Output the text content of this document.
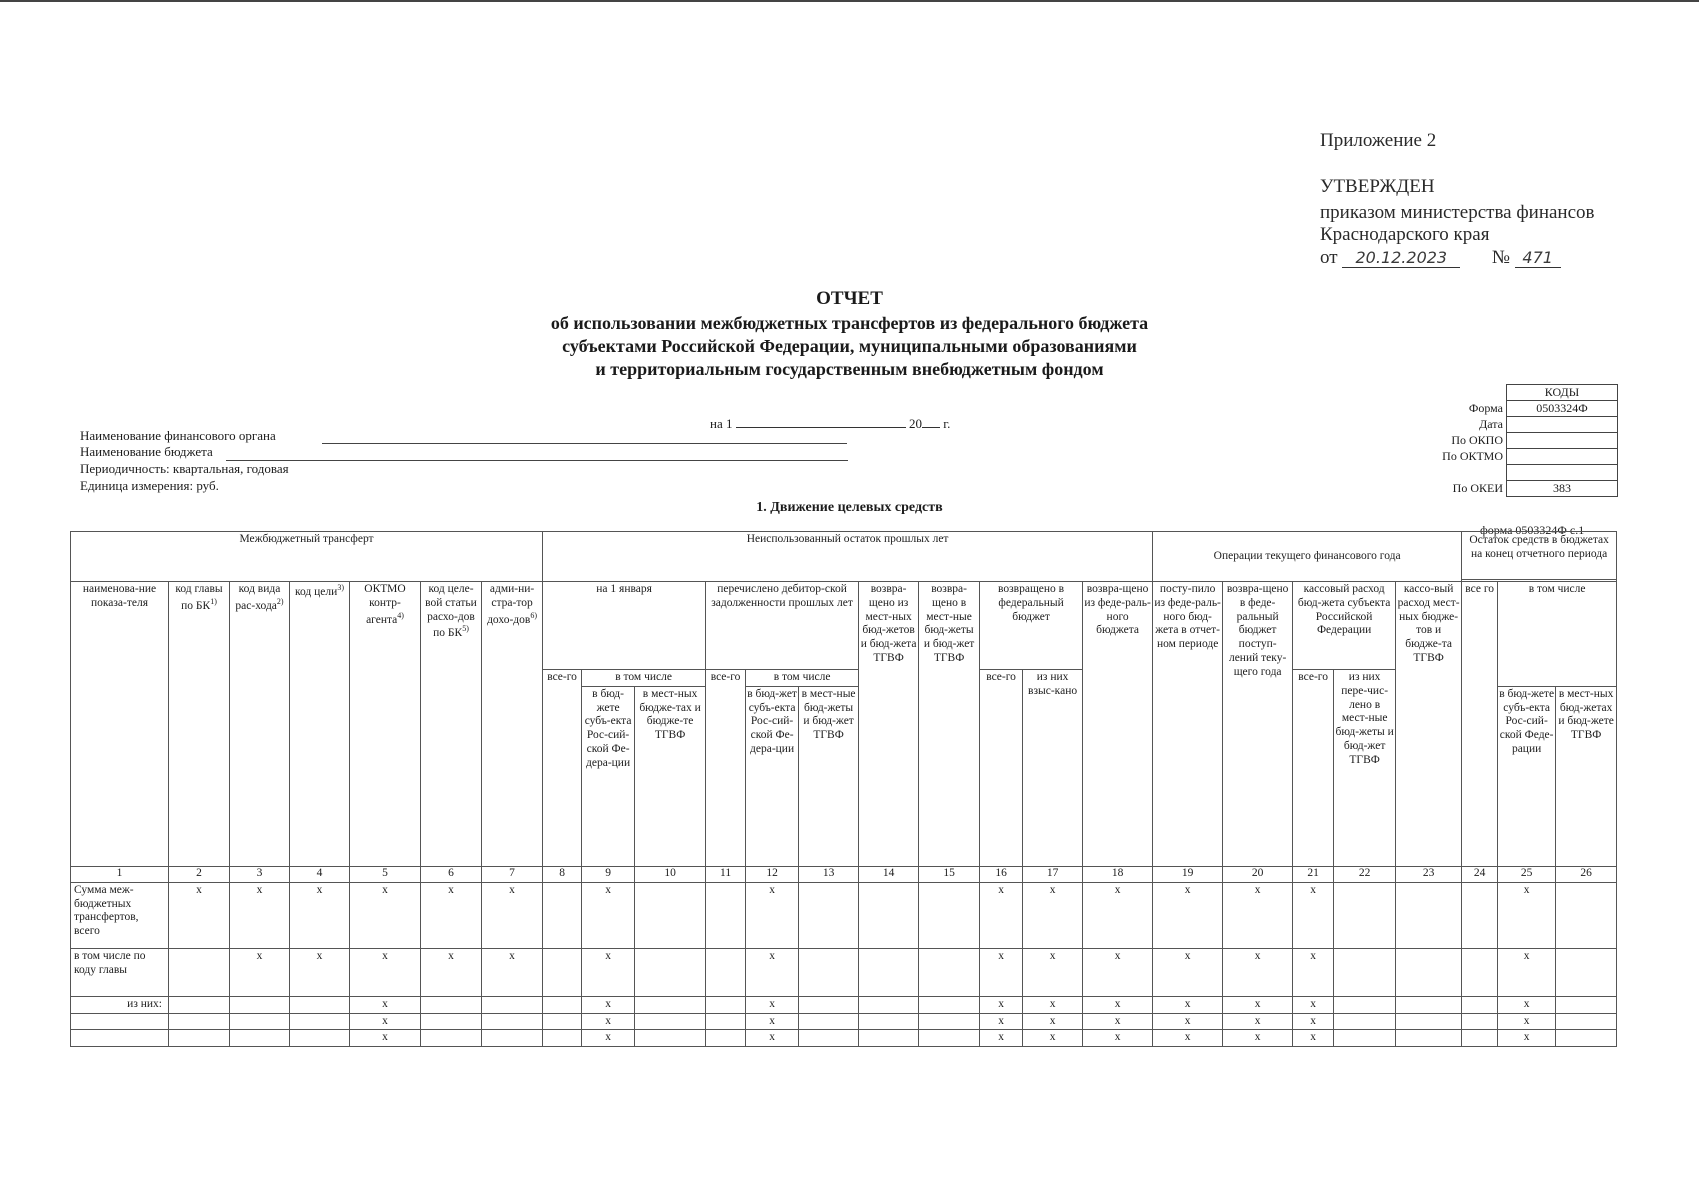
Приложение 2
УТВЕРЖДЕН
приказом министерства финансов
Краснодарского края
от 20.12.2023 № 471
ОТЧЕТ
об использовании межбюджетных трансфертов из федерального бюджета
субъектами Российской Федерации, муниципальными образованиями
и территориальным государственным внебюджетным фондом
на 1	20 г.
Наименование финансового органа
Наименование бюджета
Периодичность: квартальная, годовая
Единица измерения: руб.
	КОДЫ
Форма	0503324Ф
Дата	
По ОКПО	
По ОКТМО	

По ОКЕИ	383
1. Движение целевых средств
форма 0503324Ф с.1
Межбюджетный трансферт							Неиспользованный остаток прошлых лет											Операции текущего финансового года					Остаток средств в бюджетах на конец отчетного периода		

наименова-ние показа-теля	код главы по БК$^{1)}$	код вида рас-хода$^{2)}$	код цели$^{3)}$	ОКТМО контр-агента$^{4)}$	код целе-вой статьи расхо-дов по БК$^{5)}$	адми-ни-стра-тор дохо-дов$^{6)}$	на 1 января			перечислено дебитор-ской задолженности прошлых лет			возвра-щено из мест-ных бюд-жетов и бюд-жета ТГВФ	возвра-щено в мест-ные бюд-жеты и бюд-жет ТГВФ	возвращено в федеральный бюджет		возвра-щено из феде-раль-ного бюджета	посту-пило из феде-раль-ного бюд-жета в отчет-ном периоде	возвра-щено в феде-ральный бюджет поступ-лений теку-щего года	кассовый расход бюд-жета субъекта Российской Федерации		кассо-вый расход мест-ных бюдже-тов и бюдже-та ТГВФ	все го	в том числе	
							все-го	в том числе		все-го	в том числе				все-го	из них взыс-кано				все-го	из них пере-чис-лено в мест-ные бюд-жеты и бюд-жет ТГВФ				
								в бюд-жете субъ-екта Рос-сий-ской Фе-дера-ции	в мест-ных бюдже-тах и бюдже-те ТГВФ		в бюд-жет субъ-екта Рос-сий-ской Фе-дера-ции	в мест-ные бюд-жеты и бюд-жет ТГВФ												в бюд-жете субъ-екта Рос-сий-ской Феде-рации	в мест-ных бюд-жетах и бюд-жете ТГВФ
1	2	3	4	5	6	7	8	9	10	11	12	13	14	15	16	17	18	19	20	21	22	23	24	25	26
Сумма меж-бюджетных трансфертов, всего	x	x	x	x	x	x		x			x				x	x	x	x	x	x				x	
в том числе по коду главы		x	x	x	x	x		x			x				x	x	x	x	x	x				x	
из них:				x				x			x				x	x	x	x	x	x				x	
				x				x			x				x	x	x	x	x	x				x	
				x				x			x				x	x	x	x	x	x				x	
